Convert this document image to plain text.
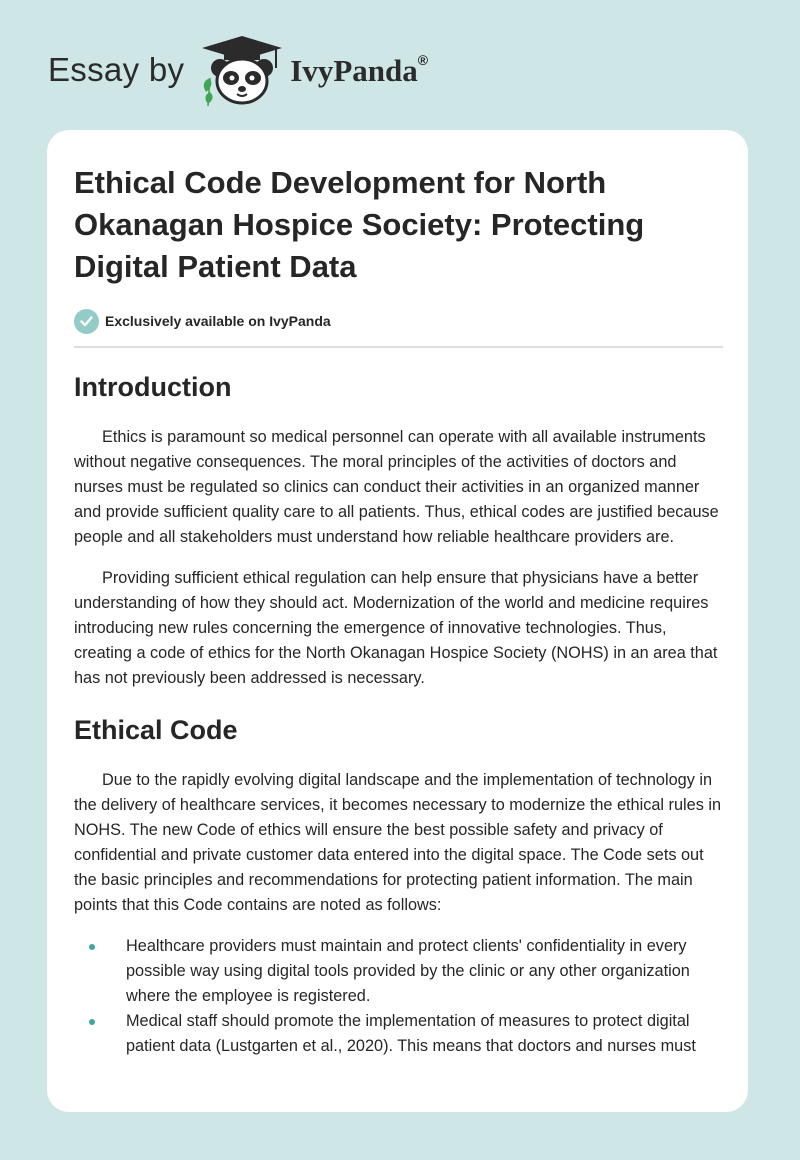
Essay by	IvyPanda®
Ethical Code Development for North Okanagan Hospice Society: Protecting Digital Patient Data
Exclusively available on IvyPanda
Introduction

Ethics is paramount so medical personnel can operate with all available instruments without negative consequences. The moral principles of the activities of doctors and nurses must be regulated so clinics can conduct their activities in an organized manner and provide sufficient quality care to all patients. Thus, ethical codes are justified because people and all stakeholders must understand how reliable healthcare providers are.

Providing sufficient ethical regulation can help ensure that physicians have a better understanding of how they should act. Modernization of the world and medicine requires introducing new rules concerning the emergence of innovative technologies. Thus, creating a code of ethics for the North Okanagan Hospice Society (NOHS) in an area that has not previously been addressed is necessary.

Ethical Code

Due to the rapidly evolving digital landscape and the implementation of technology in the delivery of healthcare services, it becomes necessary to modernize the ethical rules in NOHS. The new Code of ethics will ensure the best possible safety and privacy of confidential and private customer data entered into the digital space. The Code sets out the basic principles and recommendations for protecting patient information. The main points that this Code contains are noted as follows:

Healthcare providers must maintain and protect clients' confidentiality in every possible way using digital tools provided by the clinic or any other organization where the employee is registered.
Medical staff should promote the implementation of measures to protect digital patient data (Lustgarten et al., 2020). This means that doctors and nurses must
